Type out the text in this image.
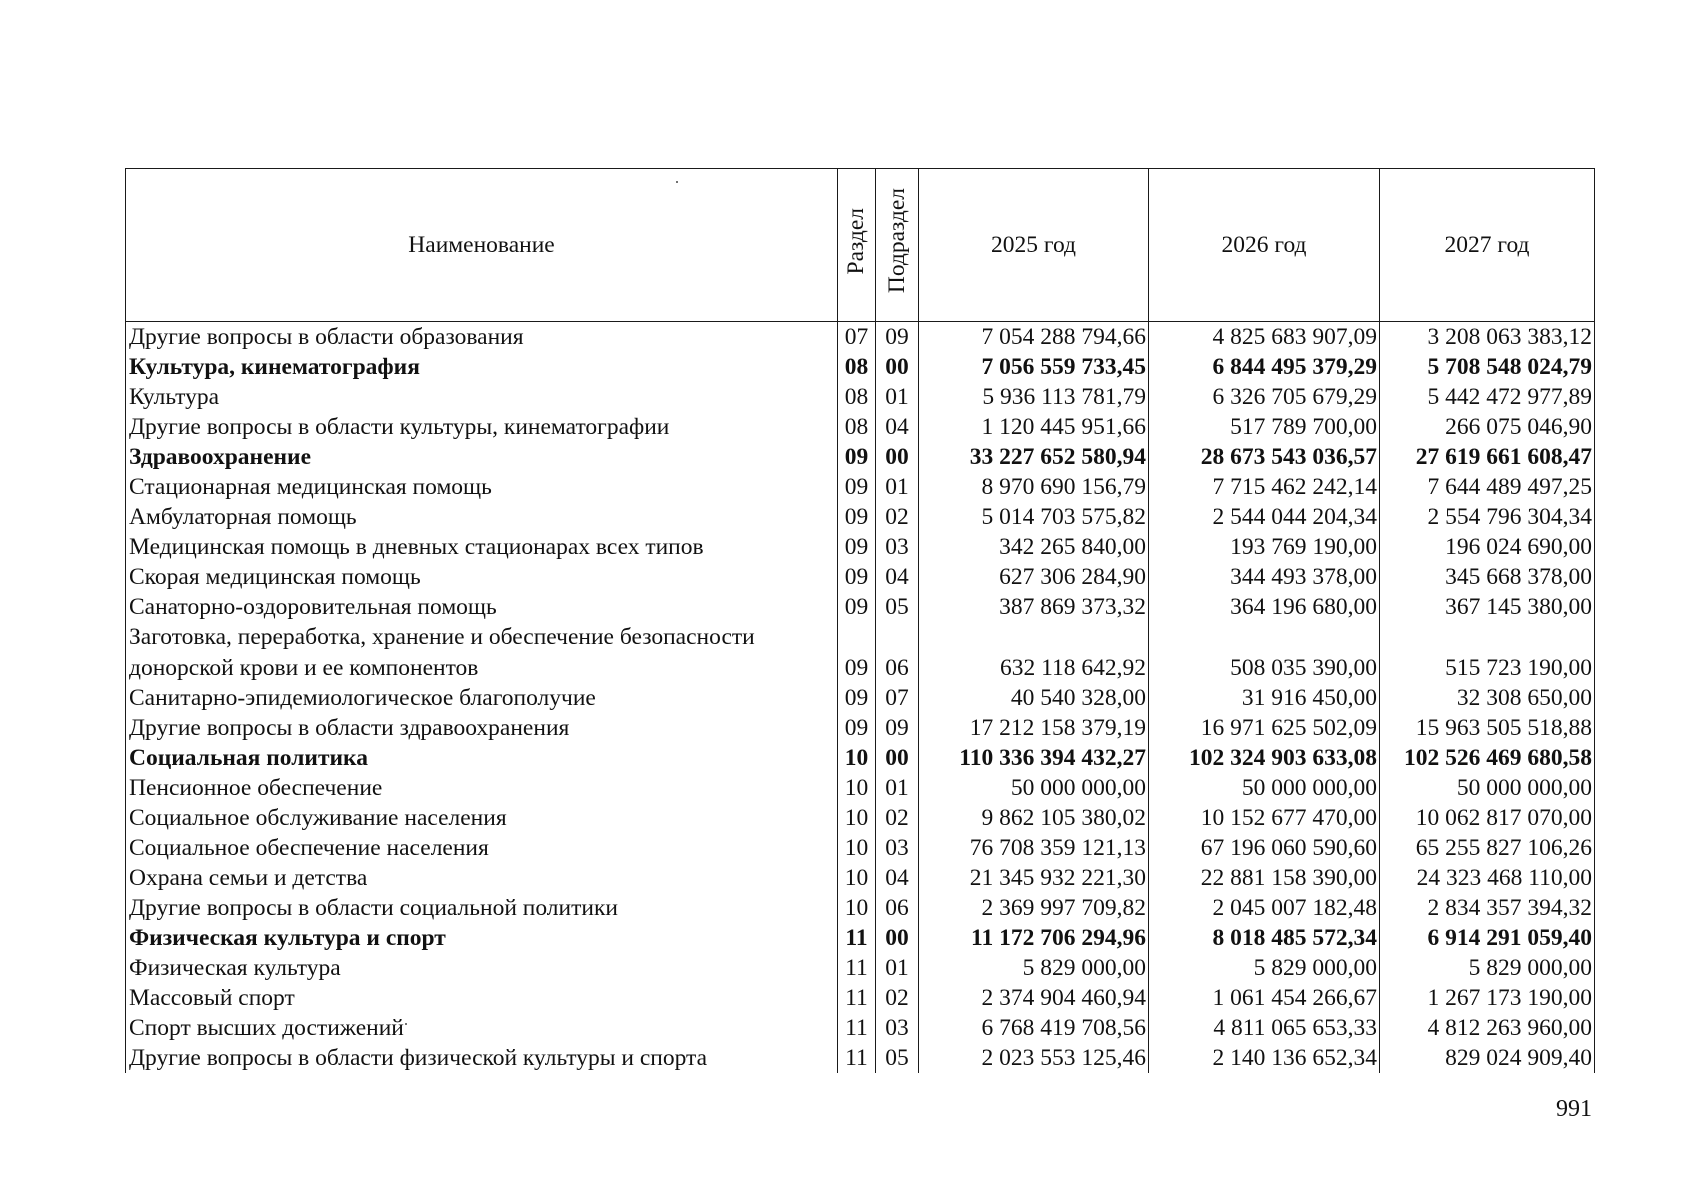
Наименование	Раздел	Подраздел	2025 год	2026 год	2027 год
Другие вопросы в области образования	07	09	7 054 288 794,66	4 825 683 907,09	3 208 063 383,12
Культура, кинематография	08	00	7 056 559 733,45	6 844 495 379,29	5 708 548 024,79
Культура	08	01	5 936 113 781,79	6 326 705 679,29	5 442 472 977,89
Другие вопросы в области культуры, кинематографии	08	04	1 120 445 951,66	517 789 700,00	266 075 046,90
Здравоохранение	09	00	33 227 652 580,94	28 673 543 036,57	27 619 661 608,47
Стационарная медицинская помощь	09	01	8 970 690 156,79	7 715 462 242,14	7 644 489 497,25
Амбулаторная помощь	09	02	5 014 703 575,82	2 544 044 204,34	2 554 796 304,34
Медицинская помощь в дневных стационарах всех типов	09	03	342 265 840,00	193 769 190,00	196 024 690,00
Скорая медицинская помощь	09	04	627 306 284,90	344 493 378,00	345 668 378,00
Санаторно-оздоровительная помощь	09	05	387 869 373,32	364 196 680,00	367 145 380,00
Заготовка, переработка, хранение и обеспечение безопасности донорской крови и ее компонентов	09	06	632 118 642,92	508 035 390,00	515 723 190,00
Санитарно-эпидемиологическое благополучие	09	07	40 540 328,00	31 916 450,00	32 308 650,00
Другие вопросы в области здравоохранения	09	09	17 212 158 379,19	16 971 625 502,09	15 963 505 518,88
Социальная политика	10	00	110 336 394 432,27	102 324 903 633,08	102 526 469 680,58
Пенсионное обеспечение	10	01	50 000 000,00	50 000 000,00	50 000 000,00
Социальное обслуживание населения	10	02	9 862 105 380,02	10 152 677 470,00	10 062 817 070,00
Социальное обеспечение населения	10	03	76 708 359 121,13	67 196 060 590,60	65 255 827 106,26
Охрана семьи и детства	10	04	21 345 932 221,30	22 881 158 390,00	24 323 468 110,00
Другие вопросы в области социальной политики	10	06	2 369 997 709,82	2 045 007 182,48	2 834 357 394,32
Физическая культура и спорт	11	00	11 172 706 294,96	8 018 485 572,34	6 914 291 059,40
Физическая культура	11	01	5 829 000,00	5 829 000,00	5 829 000,00
Массовый спорт	11	02	2 374 904 460,94	1 061 454 266,67	1 267 173 190,00
Спорт высших достижений	11	03	6 768 419 708,56	4 811 065 653,33	4 812 263 960,00
Другие вопросы в области физической культуры и спорта	11	05	2 023 553 125,46	2 140 136 652,34	829 024 909,40
991
